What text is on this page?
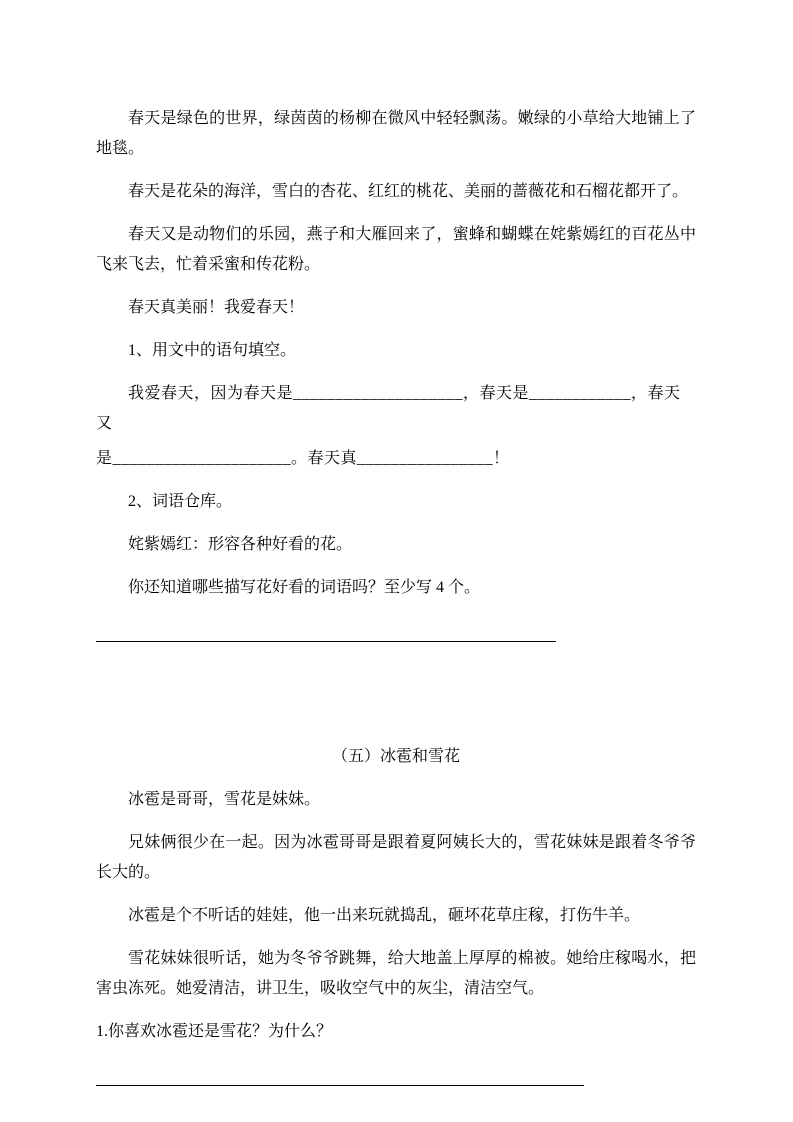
春天是绿色的世界，绿茵茵的杨柳在微风中轻轻飘荡。嫩绿的小草给大地铺上了地毯。
春天是花朵的海洋，雪白的杏花、红红的桃花、美丽的蔷薇花和石榴花都开了。
春天又是动物们的乐园，燕子和大雁回来了，蜜蜂和蝴蝶在姹紫嫣红的百花丛中飞来飞去，忙着采蜜和传花粉。
春天真美丽！我爱春天！
1、用文中的语句填空。
我爱春天，因为春天是____________________，春天是____________，春天又
是_____________________。春天真________________！
2、词语仓库。
姹紫嫣红：形容各种好看的花。
你还知道哪些描写花好看的词语吗？至少写 4 个。
（五）冰雹和雪花
冰雹是哥哥，雪花是妹妹。
兄妹俩很少在一起。因为冰雹哥哥是跟着夏阿姨长大的，雪花妹妹是跟着冬爷爷长大的。
冰雹是个不听话的娃娃，他一出来玩就捣乱，砸坏花草庄稼，打伤牛羊。
雪花妹妹很听话，她为冬爷爷跳舞，给大地盖上厚厚的棉被。她给庄稼喝水，把害虫冻死。她爱清洁，讲卫生，吸收空气中的灰尘，清洁空气。
1.你喜欢冰雹还是雪花？为什么？
